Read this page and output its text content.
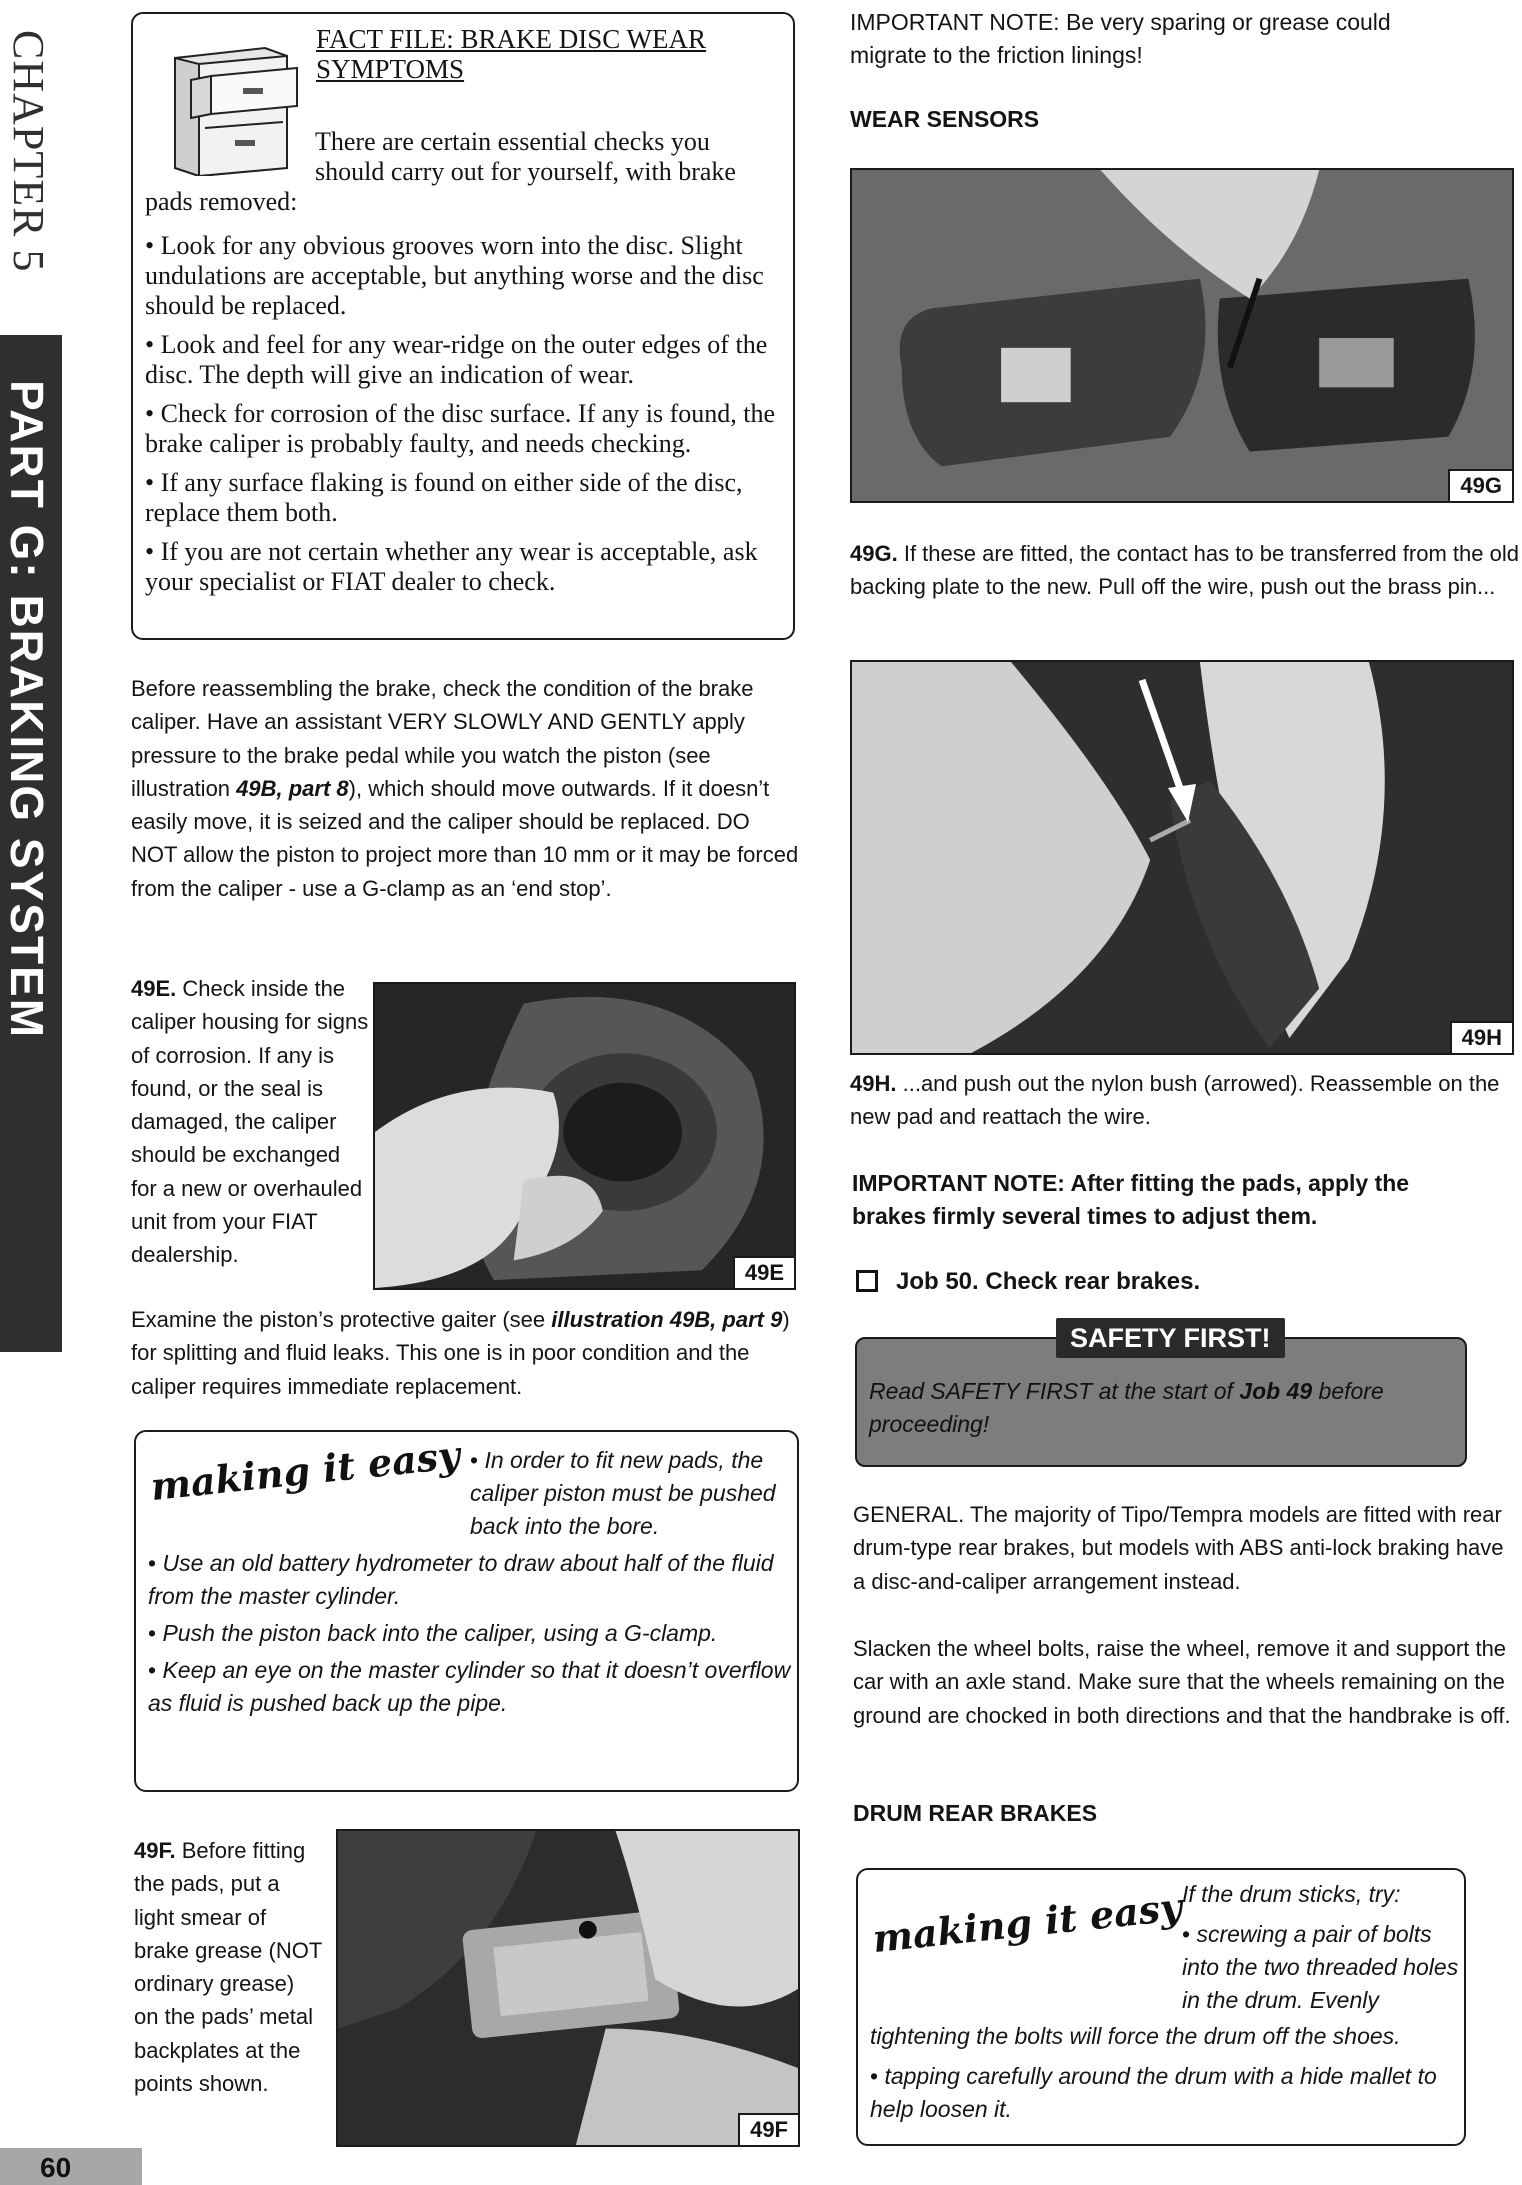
CHAPTER 5
PART G: BRAKING SYSTEM
FACT FILE: BRAKE DISC WEAR SYMPTOMS
There are certain essential checks you
should carry out for yourself, with brake pads removed:
• Look for any obvious grooves worn into the disc. Slight undulations are acceptable, but anything worse and the disc should be replaced.
• Look and feel for any wear-ridge on the outer edges of the disc. The depth will give an indication of wear.
• Check for corrosion of the disc surface. If any is found, the brake caliper is probably faulty, and needs checking.
• If any surface flaking is found on either side of the disc, replace them both.
• If you are not certain whether any wear is acceptable, ask your specialist or FIAT dealer to check.
Before reassembling the brake, check the condition of the brake caliper. Have an assistant VERY SLOWLY AND GENTLY apply pressure to the brake pedal while you watch the piston (see illustration 49B, part 8), which should move outwards. If it doesn’t easily move, it is seized and the caliper should be replaced. DO NOT allow the piston to project more than 10 mm or it may be forced from the caliper - use a G-clamp as an ‘end stop’.
49E. Check inside the caliper housing for signs of corrosion. If any is found, or the seal is damaged, the caliper should be exchanged for a new or overhauled unit from your FIAT dealership.
49E
Examine the piston’s protective gaiter (see illustration 49B, part 9) for splitting and fluid leaks. This one is in poor condition and the caliper requires immediate replacement.
making it easy
• In order to fit new pads, the caliper piston must be pushed back into the bore.
• Use an old battery hydrometer to draw about half of the fluid from the master cylinder.
• Push the piston back into the caliper, using a G-clamp.
• Keep an eye on the master cylinder so that it doesn’t overflow as fluid is pushed back up the pipe.
49F. Before fitting the pads, put a light smear of brake grease (NOT ordinary grease) on the pads’ metal backplates at the points shown.
49F
IMPORTANT NOTE: Be very sparing or grease could migrate to the friction linings!
WEAR SENSORS
49G
49G. If these are fitted, the contact has to be transferred from the old backing plate to the new. Pull off the wire, push out the brass pin...
49H
49H. ...and push out the nylon bush (arrowed). Reassemble on the new pad and reattach the wire.
IMPORTANT NOTE: After fitting the pads, apply the brakes firmly several times to adjust them.
Job 50. Check rear brakes.
Read SAFETY FIRST at the start of Job 49 before proceeding!
SAFETY FIRST!
GENERAL. The majority of Tipo/Tempra models are fitted with rear drum-type rear brakes, but models with ABS anti-lock braking have a disc-and-caliper arrangement instead.
Slacken the wheel bolts, raise the wheel, remove it and support the car with an axle stand. Make sure that the wheels remaining on the ground are chocked in both directions and that the handbrake is off.
DRUM REAR BRAKES
making it easy
If the drum sticks, try:
• screwing a pair of bolts into the two threaded holes in the drum. Evenly
tightening the bolts will force the drum off the shoes.
• tapping carefully around the drum with a hide mallet to help loosen it.
60
